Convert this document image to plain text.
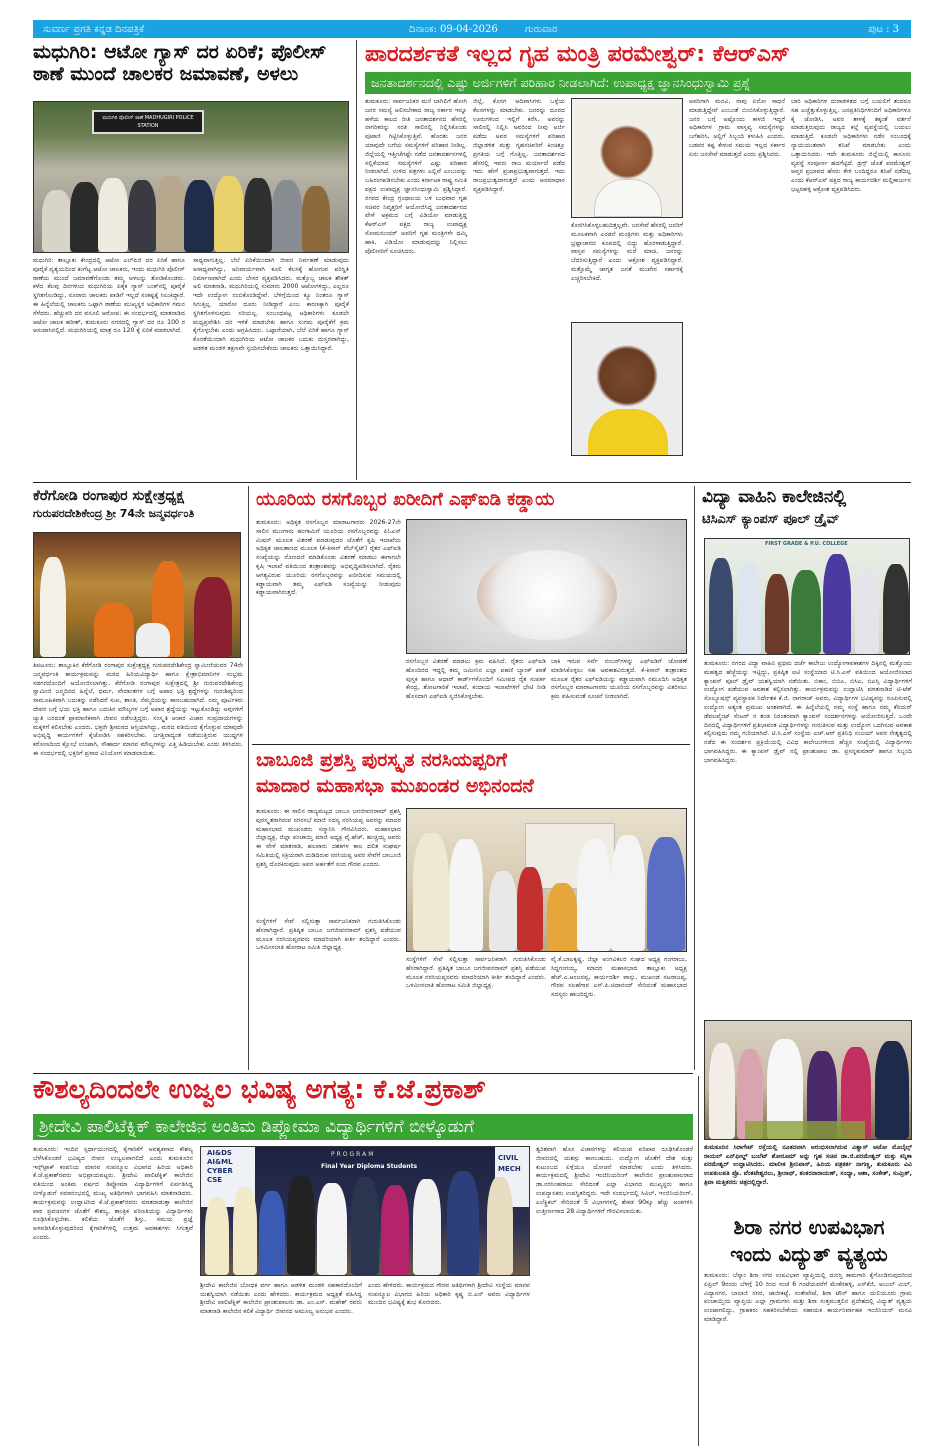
ಸುವರ್ಣ ಪ್ರಗತಿ ಕನ್ನಡ ದಿನಪತ್ರಿಕೆ	ದಿನಾಂಕ: 09-04-2026	ಗುರುವಾರ	ಪುಟ : 3
ಮಧುಗಿರಿ: ಆಟೋ ಗ್ಯಾಸ್ ದರ ಏರಿಕೆ; ಪೊಲೀಸ್ ಠಾಣೆ ಮುಂದೆ ಚಾಲಕರ ಜಮಾವಣೆ, ಅಳಲು
ಮಧುಗಿರಿ ಪೊಲೀಸ್ ಠಾಣೆ MADHUGIRI POLICE STATION
ಮಧುಗಿರಿ: ತಾಲ್ಲೂಕು ಕೇಂದ್ರದಲ್ಲಿ ಆಟೋ ಎಲ್‌ಪಿಜಿ ದರ ಏರಿಕೆ ಹಾಗೂ ಪೂರೈಕೆ ವ್ಯತ್ಯಯದಿಂದ ಕಂಗೆಟ್ಟ ಆಟೋ ಚಾಲಕರು, ಇಂದು ಮಧುಗಿರಿ ಪೊಲೀಸ್ ಠಾಣೆಯ ಮುಂದೆ ಜಮಾವಣೆಗೊಂಡು ತಮ್ಮ ಅಳಲನ್ನು ತೋಡಿಕೊಂಡರು. ಕಳೆದ ಕೆಲವು ದಿನಗಳಿಂದ ಮಧುಗಿರಿಯ ಏಕೈಕ ಗ್ಯಾಸ್ ಬಂಕ್‌ನಲ್ಲಿ ಪೂರೈಕೆ ಸ್ಥಗಿತಗೊಂಡಿದ್ದು, ನೂರಾರು ಚಾಲಕರು ಪಾಡಿಗೆ ಇಲ್ಲದೆ ಸಂಕಷ್ಟಕ್ಕೆ ಸಿಲುಕಿದ್ದಾರೆ. ಈ ಹಿನ್ನೆಲೆಯಲ್ಲಿ ಚಾಲಕರು ಒಟ್ಟಾಗಿ ಠಾಣೆಯ ಮುಖ್ಯಸ್ಥರ ಅಧಿಕಾರಿಗಳ ಗಮನ ಸೆಳೆದರು. ಹೆಚ್ಚುವರಿ ದರ ವಸೂಲಿ ಆರೋಪ: ಈ ಸಂದರ್ಭದಲ್ಲಿ ಮಾತನಾಡಿದ ಆಟೋ ಚಾಲಕ ಹರೀಶ್, ತುಮಕೂರು ನಗರದಲ್ಲಿ ಗ್ಯಾಸ್ ದರ ರೂ 100 ರ ಆಸುಪಾಸಿನಲ್ಲಿದೆ. ಮಧುಗಿರಿಯಲ್ಲಿ ಮಾತ್ರ ರೂ 120 ಕ್ಕೆ ಏರಿಕೆ ಮಾಡಲಾಗಿದೆ.
ಸಾಧ್ಯವಾಗುತ್ತಿಲ್ಲ. ಬೆಲೆ ಏರಿಕೆಯಿಂದಾಗಿ ಜೀವನ ನಿರ್ವಹಣೆ ಮಾಡುವುದು ಅಸಾಧ್ಯವಾಗಿದ್ದು, ಅನಿವಾರ್ಯವಾಗಿ ಕೂಲಿ ಕೆಲಸಕ್ಕೆ ಹೋಗುವ ಪರಿಸ್ಥಿತಿ ನಿರ್ಮಾಣವಾಗಿದೆ ಎಂದು ಬೇಸರ ವ್ಯಕ್ತಪಡಿಸಿದರು. ಮತ್ತೊಬ್ಬ ಚಾಲಕ ಶೌಕತ್ ಅಲಿ ಮಾತನಾಡಿ, ಮಧುಗಿರಿಯಲ್ಲಿ ಸುಮಾರು 2000 ಆಟೋಗಳಿದ್ದು, ಎಲ್ಲರೂ ಇದೇ ಉದ್ಯೋಗ ನಂಬಿಕೊಂಡಿದ್ದೇವೆ. ಬೆಳಿಗ್ಗೆಯಿಂದ ಕ್ಯೂ ನಿಂತರೂ ಗ್ಯಾಸ್ ಸಿಗುತ್ತಿಲ್ಲ. ಯಾರೋ ದೂರು ನೀಡಿದ್ದಾರೆ ಎಂಬ ಕಾರಣಕ್ಕಾಗಿ ಪೂರೈಕೆ ಸ್ಥಗಿತಗೊಳಿಸುವುದು ಸರಿಯಲ್ಲ. ಸಂಬಂಧಪಟ್ಟ ಅಧಿಕಾರಿಗಳು ಕೂಡಲೇ ಮಧ್ಯಪ್ರವೇಶಿಸಿ ದರ ಇಳಿಕೆ ಮಾಡಬೇಕು ಹಾಗೂ ಸುಗಮ ಪೂರೈಕೆಗೆ ಕ್ರಮ ಕೈಗೊಳ್ಳಬೇಕು ಎಂದು ಆಗ್ರಹಿಸಿದರು. ಒಟ್ಟಾರೆಯಾಗಿ, ಬೆಲೆ ಏರಿಕೆ ಹಾಗೂ ಗ್ಯಾಸ್ ಕೊರತೆಯಿಂದಾಗಿ ಮಧುಗಿರಿಯ ಆಟೋ ಚಾಲಕರ ಬದುಕು ದುಸ್ತರವಾಗಿದ್ದು, ಆಡಳಿತ ಮಂಡಳಿ ತಕ್ಷಣವೇ ಸ್ಪಂದಿಸಬೇಕೆಂದು ಚಾಲಕರು ಒತ್ತಾಯಿಸಿದ್ದಾರೆ.
ಪಾರದರ್ಶಕತೆ ಇಲ್ಲದ ಗೃಹ ಮಂತ್ರಿ ಪರಮೇಶ್ವರ್: ಕೆಆರ್‌ಎಸ್
ಜನತಾದರ್ಶನದಲ್ಲಿ ಎಷ್ಟು ಅರ್ಜಿಗಳಿಗೆ ಪರಿಹಾರ ನೀಡಲಾಗಿದೆ: ಉಪಾಧ್ಯಕ್ಷ ಜ್ಞಾನಸಿಂಧುಸ್ವಾಮಿ ಪ್ರಶ್ನೆ
ತುಮಕೂರು: ಸಾರ್ವಜನಿಕರ ಮನೆ ಬಾಗಿಲಿಗೆ ಹೋಗಿ ಜನರ ಸಮಸ್ಯೆ ಆಲಿಸಬೇಕಾದ ರಾಜ್ಯ ಸರ್ಕಾರ ಇನ್ನೂ ಹಳೆಯ ಕಾಲದ ರೀತಿ ಜನತಾದರ್ಶನದ ಹೆಸರಲ್ಲಿ ನಾಗರಿಕರನ್ನು ಸರತಿ ಸಾಲಿನಲ್ಲಿ ನಿಲ್ಲಿಸಿಕೊಂಡು ಪುಟಾಣಿ ಗಿಟ್ಟಿಸಿಕೊಳ್ಳುತ್ತಿವೆ. ಹೊರತು ಜನರ ಯಾವುದೇ ಬಗೆಯ ಸಮಸ್ಯೆಗಳಿಗೆ ಪರಿಹಾರ ನೀಡಿಲ್ಲ. ಜಿಲ್ಲೆಯಲ್ಲಿ ಇತ್ತೀಚೆಗಷ್ಟೇ ನಡೆದ ಜನತಾದರ್ಶನಗಳಲ್ಲಿ ಸಲ್ಲಿಕೆಯಾದ ಸಮಸ್ಯೆಗಳಿಗೆ ಎಷ್ಟು ಪರಿಹಾರ ನೀಡಲಾಗಿದೆ. ಉಳಿದ ಪತ್ರಗಳು ಎಲ್ಲಿವೆ ಎಂಬುದನ್ನು ಬಹಿರಂಗಪಡಿಸಬೇಕು ಎಂದು ಕರ್ನಾಟಕ ರಾಷ್ಟ್ರ ಸಮಿತಿ ಪಕ್ಷದ ಉಪಾಧ್ಯಕ್ಷ ಜ್ಞಾನಸಿಂಧುಸ್ವಾಮಿ ಪ್ರಶ್ನಿಸಿದ್ದಾರೆ. ನಗರದ ಕೇಂದ್ರ ಗ್ರಂಥಾಲಯ ಬಳಿ ಬುಧವಾರ ಗೃಹ ಸಚಿವರ ನಿವೃತ್ತರಿಗೆ ಆಯೋಜಿಸಿದ್ದ ಜನತಾದರ್ಶನದ ವೇಳೆ ಅಕ್ರಮದ ಬಗ್ಗೆ ವಿಡಿಯೋ ಮಾಡುತ್ತಿದ್ದ ಕೆಆರ್‌ಎಸ್ ಪಕ್ಷದ ರಾಜ್ಯ ಉಪಾಧ್ಯಕ್ಷ ಸೋಮಸುಂದರ್ ಅವರಿಗೆ ಗೃಹ ಮಂತ್ರಿಗಳೇ ಧಮ್ಕಿ ಹಾಕಿ, ವಿಡಿಯೋ ಮಾಡುವುದನ್ನು ನಿಲ್ಲಿಸಲು ಪೊಲೀಸರಿಗೆ ಸೂಚಿಸಿದರು.
ಜಿಲ್ಲೆ, ಕೊರಗ ಆದಿವಾಸಿಗಳು ಒಳ್ಳೆಯ ಕೆಲಸಗಳನ್ನು ಮಾಡಬೇಕು. ಜನರನ್ನು ದೂರದ ಊರುಗಳಿಂದ ಇಲ್ಲಿಗೆ ಕರೆಸಿ, ಅವರನ್ನು ಸಾಲಿನಲ್ಲಿ ನಿಲ್ಲಿಸಿ ಅವರಿಂದ ನೀವು ಅರ್ಜಿ ಪಡೆದು ಅವರ ಸಮಸ್ಯೆಗಳಿಗೆ ಪರಿಹಾರ ಜಿಲ್ಲಾಡಳಿತ ಮತ್ತು ಗೃಹಸಚಿವರಿಗೆ ಕಿಂಚಿತ್ತೂ ಪ್ರಗತಿಯ ಬಗ್ಗೆ ಗೊತ್ತಿಲ್ಲ. ಜನತಾದರ್ಶನದ ಹೆಸರಲ್ಲಿ ಇವರು ರಾಜ ಮರ್ಯಾದೆ ಪಡೆದ ಇದು ಹೇಗೆ ಪ್ರಜಾಪ್ರಭುತ್ವವಾಗುತ್ತದೆ. ಇದು ರಾಜಪ್ರಭುತ್ವದಾಗುತ್ತದೆ ಎಂದು ಆಸಮಾಧಾನ ವ್ಯಕ್ತಪಡಿಸಿದ್ದಾರೆ.
ಕೊರಗಿಸಿಕೊಳ್ಳಬಹುದಿತ್ತಲ್ಲವೇ. ಜನಸೇವೆ ಹೆಸರಲ್ಲಿ ಜನರಿಗೆ ಮೂಲಕವಾಗಿ ಎರಡನೆ ಮಂತ್ರಿಗಳು ಮತ್ತು ಅಧಿಕಾರಿಗಳು ಭ್ರಷ್ಟಾಚಾರದ ಕೂಪದಲ್ಲಿ ಬಿದ್ದು ಹೊರಳಾಡುತ್ತಿದ್ದಾರೆ. ವಾಸ್ತವ ಸಮಸ್ಯೆಗಳನ್ನು ಮರೆ ಮಾಚಿ, ಜನರನ್ನು ಬೆದರಿಸುತ್ತಿದ್ದಾರೆ ಎಂದು ಆಕ್ರೋಶ ವ್ಯಕ್ತಪಡಿಸಿದ್ದಾರೆ. ಮತ್ತೊಮ್ಮೆ ಜಾಗೃತ ಜನತೆ ಮುಖೇನ ಸರ್ಕಾರಕ್ಕೆ ಎಚ್ಚರಿಸಬೇಕಿದೆ.
ಅವರಿಗಾಗಿ ಮನವಿ, ನಾವು ಏನೋ ಸಾಧನೆ ಮಾಡುತ್ತಿದ್ದೇವೆ ಎಂಬಂತೆ ಬಿಂಬಿಸಿಕೊಳ್ಳುತ್ತಿದ್ದಾರೆ. ಜನರ ಬಗ್ಗೆ ಅಷ್ಟೊಂದು ಕಾಳಜಿ ಇದ್ದರೆ ಅಧಿಕಾರಿಗಳ ಗ್ರಾಮ ವಾಸ್ತವ್ಯ ಸಮಸ್ಯೆಗಳನ್ನು ಬಗೆಹರಿಸಿ, ಅಲ್ಲಿಗೆ ಸಿಬ್ಬಂದಿ ಕಳುಹಿಸಿ ಎಂದರು. ಬಡವರ ಕಷ್ಟ ಕೇಳುವ ಸಮಯ ಇಲ್ಲದ ಸರ್ಕಾರ ಏನು ಜನಸೇವೆ ಮಾಡುತ್ತದೆ ಎಂದು ಪ್ರಶ್ನಿಸಿದರು.
ಬಾರಿ ಅಧಿಕಾರಿಗಳ ದುರಾಡಳಿತದ ಬಗ್ಗೆ ಬಯಲಿಗೆ ತಂದರೂ ಸಹ ಎಚ್ಚೆತ್ತುಕೊಳ್ಳುತ್ತಿಲ್ಲ. ಜನಪ್ರತಿನಿಧಿಗಳಿಂದಿಗೆ ಅಧಿಕಾರಿಗಳೂ ಕೈ ಜೋಡಿಸಿ, ಅವರ ತಾಳಕ್ಕೆ ತಕ್ಕಂತೆ ವರ್ತನೆ ಮಾಡುತ್ತಿರುವುದು ರಾಜ್ಯದ ಕಲ್ಲೆ ವ್ಯವಸ್ಥೆಯಲ್ಲಿ ಬಯಲು ಮಾಡುತ್ತಿದೆ. ಕೂಡಲೇ ಅಧಿಕಾರಿಗಳು ನಡೆಸ ಸಂಬಂಧಕ್ಕೆ ನ್ಯಾಯಯುತವಾಗಿ ತನಿಖೆ ಮಾಡಬೇಕು ಎಂದು ಒತ್ತಾಯಿಸಿದರು. ಇದೇ ತುಮಕೂರು ಜಿಲ್ಲೆಯಲ್ಲಿ ಕಾನೂನು ವ್ಯವಸ್ಥೆ ಸಂಪೂರ್ಣ ಹದಗೆಟ್ಟಿದೆ. ಡ್ರಗ್ಸ್ ಜೊತೆ ಪರಮೇಶ್ವರ್ ಆಪ್ತರ ಪ್ರಭಾವದ ಹೆಸರು ಕೇಳಿ ಬಂದಿದ್ದರೂ ತನಿಖೆ ನಡೆದಿಲ್ಲ ಎಂದು ಕೆಆರ್‌ಎಸ್ ಪಕ್ಷದ ರಾಜ್ಯ ಕಾರ್ಯದರ್ಶಿ ಮಲ್ಲಿಕಾರ್ಜುನ ಭಟ್ಟರಹಳ್ಳಿ ಆಕ್ರೋಶ ವ್ಯಕ್ತಪಡಿಸಿದರು.
ಕೆರೆಗೋಡಿ ರಂಗಾಪುರ ಸುಕ್ಷೇತ್ರಧ್ಯಕ್ಷ
ಗುರುಪರದೇಶಿಕೇಂದ್ರ ಶ್ರೀ 74ನೇ ಜನ್ಮವರ್ಧಂತಿ
ತಿಪಟೂರು: ತಾಲ್ಲೂಕಿನ ಕೆರೆಗೋಡಿ ರಂಗಾಪುರ ಸುಕ್ಷೇತ್ರಧ್ಯಕ್ಷ ಗುರುಪರದೇಶಿಕೇಂದ್ರ ಸ್ವಾಮೀಜಿಯವರ 74ನೇ ಜನ್ಮವರ್ಧಂತಿ ಕಾರ್ಯಕ್ರಮವನ್ನು ಮಠದ ಹಿರಿಯವಿದ್ಯಾರ್ಥಿ ಹಾಗೂ ಕ್ಷೇತ್ರಾಭಿಮಾನಿಗಳ ಸಂಭ್ರಮ ಸಡಗರದೊಂದಿಗೆ ಆಯೋಜಿಸಲಾಗಿತ್ತು. ಕೆರೆಗೋಡಿ ರಂಗಾಪುರ ಸುಕ್ಷೇತ್ರದಲ್ಲಿ ಶ್ರೀ ಗುರುಪರದೇಶಿಕೇಂದ್ರ ಸ್ವಾಮೀಜಿ ಜನ್ಮದಿನದ ಹಿನ್ನೆಲೆ, ಧರ್ಮ, ವೇದಾಂತಗಳ ಬಗ್ಗೆ ಅಪಾರ ಭಕ್ತಿ ಶ್ರದ್ಧೆಗಳನ್ನು ಗುರುಶಿಷ್ಯರಿಂದ ಸಾಮೂಹಿಕವಾಗಿ ಬದುಕನ್ನು ನಡೆಸಿದರೆ ಸುಖ, ಶಾಂತಿ, ನೆಮ್ಮದಿಯನ್ನು ಕಾಣಬಹುದಾಗಿದೆ. ನಮ್ಮ ಪೂರ್ವಿಕರು ದೇವರ ಬಗ್ಗೆ ಭಯ ಭಕ್ತಿ ಹಾಗೂ ಬದುಕಿನ ಮೌಲ್ಯಗಳ ಬಗ್ಗೆ ಅಪಾರ ಶ್ರದ್ಧೆಯನ್ನು ಇಟ್ಟುಕೊಂಡಿದ್ದು ಅವುಗಳಿಗೆ ಚ್ಯುತಿ ಬರದಂತೆ ಪ್ರಾಮಾಣಿಕವಾಗಿ ಜೀವನ ನಡೆಸುತ್ತಿದ್ದರು. ಸಂಸ್ಕೃತಿ ಆಚಾರ ವಿಚಾರ ಸಂಪ್ರದಾಯಗಳನ್ನು ಮಕ್ಕಳಿಗೆ ಕಲಿಸಬೇಕು ಎಂದರು. ಭಕ್ತರೇ ಶ್ರೀಮಠದ ಆಸ್ತಿಯಾಗಿದ್ದು, ಮಠದ ವತಿಯಿಂದ ಕೈಗೊಳ್ಳುವ ಯಾವುದೇ ಅಭಿವೃದ್ಧಿ ಕಾರ್ಯಗಳಿಗೆ ಕೈಜೋಡಿಸಿ ಸಹಕರಿಸಬೇಕು. ಜಗತ್ತಿನಾದ್ಯಂತ ನಡೆಯುತ್ತಿರುವ ಯುದ್ಧಗಳ ಕರೋಣದಿಂದ ಕ್ಷೋಭೆ ಉಂಟಾಗಿ, ಸೌಹಾರ್ದ ಮಾನವ ಮೌಲ್ಯಗಳನ್ನು ಎತ್ತಿ ಹಿಡಿಯಬೇಕು ಎಂದು ತಿಳಿಸಿದರು. ಈ ಸಂದರ್ಭದಲ್ಲಿ ಭಕ್ತರಿಗೆ ಪ್ರಸಾದ ವಿನಿಯೋಗ ಮಾಡಲಾಯಿತು.
ಯೂರಿಯ ರಸಗೊಬ್ಬರ ಖರೀದಿಗೆ ಎಫ್‌ಐಡಿ ಕಡ್ಡಾಯ
ತುಮಕೂರು: ಅಧಿಕೃತ ರಸಗೊಬ್ಬರ ಮಾರಾಟಗಾರರು 2026-27ನೇ ಸಾಲಿನ ಮುಂಗಾರು ಹಂಗಾಮಿಗೆ ಯೂರಿಯ ರಸಗೊಬ್ಬರವನ್ನು ಪಿಓಎಸ್ ಮಿಷನ್ ಮೂಲಕ ವಿತರಣೆ ಮಾಡುವುದರ ಜೊತೆಗೆ ಕೃಷಿ ಇಲಾಖೆಯ ಅಧಿಕೃತ ಜಾಲತಾಣದ ಮೂಲಕ (ಕೆ-ಕಿಸಾನ್ ವೆಬ್‌ಸೈಟ್) ರೈತರ ಎಫ್‌ಐಡಿ ಸಂಖ್ಯೆಯನ್ನು ನೋಂದಣಿ ಮಾಡಿಕೊಂಡು ವಿತರಣೆ ಮಾಡಲು ಈಗಾಗಲೇ ಕೃಷಿ ಇಲಾಖೆ ವತಿಯಿಂದ ತಂತ್ರಾಂಶವನ್ನು ಅಭಿವೃದ್ಧಿಪಡಿಸಲಾಗಿದೆ. ರೈತರು ಆಗತ್ಯವಿರುವ ಯೂರಿಯ ರಸಗೊಬ್ಬರವನ್ನು ಖರೀದಿಸುವ ಸಮಯದಲ್ಲಿ ಕಡ್ಡಾಯವಾಗಿ ತಮ್ಮ ಎಫ್‌ಐಡಿ ಸಂಖ್ಯೆಯನ್ನು ನೀಡುವುದು ಕಡ್ಡಾಯವಾಗಿರುತ್ತದೆ.
ರಸಗೊಬ್ಬರ ವಿತರಣೆ ಮಾಡಲು ಕ್ರಮ ವಹಿಸಿದೆ. ರೈತರು ಎಫ್‌ಐಡಿ ಹೊಂದಿರದ ಇದ್ದಲ್ಲಿ ತಮ್ಮ ಜಮೀನಿನ ಎಲ್ಲಾ ಪಹಣಿ ಬ್ಯಾಂಕ್ ಖಾತೆ ಪುಸ್ತಕ ಹಾಗೂ ಆಧಾರ್ ಕಾರ್ಡ್‌ಗಳೊಂದಿಗೆ ಸಮೀಪದ ರೈತ ಸಂಪರ್ಕ ಕೇಂದ್ರ, ತೋಟಗಾರಿಕೆ ಇಲಾಖೆ, ಕಂದಾಯ ಇಲಾಖೆಗಳಿಗೆ ಭೇಟಿ ನೀಡಿ ಹೊಸದಾಗಿ ಎಫ್‌ಐಡಿ ಸೃಜಿಸಿಕೊಳ್ಳಬೇಕು.
ಬಾಕಿ ಇರುವ ಸರ್ವೆ ನಂಬರ್‌ಗಳನ್ನು ಎಫ್‌ಐಡಿಗೆ ಜೋಡಣೆ ಮಾಡಿಸಿಕೊಳ್ಳಲು ಸಹ ಅವಕಾಶವಿರುತ್ತದೆ. ಕೆ-ಕಿಸಾನ್ ತಂತ್ರಾಂಶದ ಮೂಲಕ ರೈತರ ಎಫ್‌ಐಡಿಯನ್ನು ಕಡ್ಡಾಯವಾಗಿ ನಮೂದಿಸಿ ಅಧಿಕೃತ ರಸಗೊಬ್ಬರ ಮಾರಾಟಗಾರರು ಯೂರಿಯ ರಸಗೊಬ್ಬರವನ್ನು ವಿತರಿಸಲು ಕ್ರಮ ವಹಿಸುವಂತೆ ಸೂಚನೆ ನೀಡಲಾಗಿದೆ.
ವಿದ್ಯಾ ವಾಹಿನಿ ಕಾಲೇಜಿನಲ್ಲಿ
ಟಿಸಿಎಸ್ ಕ್ಯಾಂಪಸ್ ಪೂಲ್ ಡ್ರೈವ್
FIRST GRADE & P.U. COLLEGE
ತುಮಕೂರು: ನಗರದ ವಿದ್ಯಾ ವಾಹಿನಿ ಪ್ರಥಮ ದರ್ಜೆ ಕಾಲೇಜು ಉದ್ಯೋಗಾವಕಾಶಗಳ ದಿಕ್ಕಿನಲ್ಲಿ ಮತ್ತೊಂದು ಮಹತ್ವದ ಹೆಜ್ಜೆಯನ್ನು ಇಟ್ಟಿದ್ದು, ಪ್ರತಿಷ್ಠಿತ ಐಟಿ ಸಂಸ್ಥೆಯಾದ ಟಿ.ಸಿ.ಎಸ್ ವತಿಯಿಂದ ಆಯೋಜಿಸಲಾದ ಕ್ಯಾಂಪಸ್ ಪೂಲ್ ಡ್ರೈವ್ ಯಶಸ್ವಿಯಾಗಿ ನಡೆಯಿತು. ಬಿಕಾಂ, ಬಿಬಿಎ, ಬಿಸಿಎ, ಬಿಎಸ್ಸಿ ವಿದ್ಯಾರ್ಥಿಗಳಿಗೆ ಉದ್ಯೋಗ ಪಡೆಯುವ ಅವಕಾಶ ಕಲ್ಪಿಸಲಾಗಿತ್ತು. ಕಾರ್ಯಕ್ರಮವನ್ನು ಉದ್ಘಾಟಿಸಿ ಮಾತನಾಡಿದ ಟಿ-ಟೆಕ್ ಸೊಲ್ಯೂಷನ್ಸ್ ವ್ಯವಸ್ಥಾಪಕ ನಿರ್ದೇಶಕ ಕೆ.ಜಿ. ನಾಗರಾಜ್ ಅವರು, ವಿದ್ಯಾರ್ಥಿಗಳ ಭವಿಷ್ಯವನ್ನು ರೂಪಿಸುವಲ್ಲಿ ಉದ್ಯೋಗ ಅತ್ಯಂತ ಪ್ರಮುಖ ಅಂಶವಾಗಿದೆ. ಈ ಹಿನ್ನೆಲೆಯಲ್ಲಿ ನಮ್ಮ ಸಂಸ್ಥೆ ಹಾಗೂ ನಮ್ಮ ಕೆರಿಯರ್ ಡೆವಲಪ್ಮೆಂಟ್ ಸೆಂಟರ್ ನ ತಂಡ ನಿರಂತರವಾಗಿ ಕ್ಯಾಂಪಸ್ ಸಂದರ್ಶನಗಳನ್ನು ಆಯೋಜಿಸುತ್ತಿದೆ. ಒಂದೇ ದಿನದಲ್ಲಿ ವಿದ್ಯಾರ್ಥಿಗಳಿಗೆ ಪ್ರತಿಭಾವಂತ ವಿದ್ಯಾರ್ಥಿಗಳನ್ನು ಗುರುತಿಸುವ ಮತ್ತು ಉದ್ಯೋಗ ಒದಗಿಸುವ ಅವಕಾಶ ಕಲ್ಪಿಸುವುದು ನಮ್ಮ ಗುರಿಯಾಗಿದೆ. ಟಿ.ಸಿ.ಎಸ್ ಸಂಸ್ಥೆಯ ಎಚ್.ಆರ್ ಪ್ರತಿನಿಧಿ ಸಂಜಯ್ ಅವರ ನೇತೃತ್ವದಲ್ಲಿ ನಡೆದ ಈ ಸಂದರ್ಶನ ಪ್ರಕ್ರಿಯೆಯಲ್ಲಿ ವಿವಿಧ ಕಾಲೇಜುಗಳಿಂದ ಹೆಚ್ಚಿನ ಸಂಖ್ಯೆಯಲ್ಲಿ ವಿದ್ಯಾರ್ಥಿಗಳು ಭಾಗವಹಿಸಿದ್ದರು. ಈ ಕ್ಯಾಂಪಸ್ ಡ್ರೈವ್ ನಲ್ಲಿ ಪ್ರಾಂಶುಪಾಲ ಡಾ. ಪ್ರಸನ್ನಕುಮಾರ್ ಹಾಗೂ ಸಿಬ್ಬಂದಿ ಭಾಗವಹಿಸಿದ್ದರು.
ಬಾಬೂಜಿ ಪ್ರಶಸ್ತಿ ಪುರಸ್ಕೃತ ನರಸಿಯಪ್ಪರಿಗೆ
ಮಾದಾರ ಮಹಾಸಭಾ ಮುಖಂಡರ ಅಭಿನಂದನೆ
ತುಮಕೂರು: ಈ ಸಾಲಿನ ರಾಜ್ಯಮಟ್ಟದ ಬಾಬೂ ಜಗಜೀವನರಾಮ್ ಪ್ರಶಸ್ತಿ ಪುರಸ್ಕೃತರಾಗಿರುವ ನಗರಸಭೆ ಮಾಜಿ ಸದಸ್ಯ ನರಸಿಯಪ್ಪ ಅವರನ್ನು ಮಾದರ ಮಹಾಸಭಾದ ಮುಖಂಡರು ಸನ್ಮಾನಿಸಿ ಗೌರವಿಸಿದರು. ಮಹಾಸಭಾದ ಜಿಲ್ಲಾಧ್ಯಕ್ಷ, ಜಿಲ್ಲಾ ಪಂಚಾಯ್ತಿ ಮಾಜಿ ಅಧ್ಯಕ್ಷ ವೈ.ಹೆಚ್. ಹುಚ್ಚಯ್ಯ ಅವರು ಈ ವೇಳೆ ಮಾತನಾಡಿ, ಹಲವಾರು ದಶಕಗಳ ಕಾಲ ದಲಿತ ಸಂಘರ್ಷ ಸಮಿತಿಯಲ್ಲಿ ಸಕ್ರಿಯರಾಗಿ ದುಡಿದಿರುವ ನರಸಿಯಪ್ಪ ಅವರ ಸೇವೆಗೆ ಬಾಬೂಜಿ ಪ್ರಶಸ್ತಿ ದೊರಕಿರುವುದು ಅವರ ಅರ್ಹತೆಗೆ ಸಂದ ಗೌರವ ಎಂದರು.
ಸಂಸ್ಥೆಗಳಿಗೆ ಸೇವೆ ಸಲ್ಲಿಸುತ್ತಾ ಸಾರ್ವಜನಿಕರಾಗಿ ಗುರುತಿಸಿಕೊಂಡು ಹೆಸರಾಗಿದ್ದಾರೆ. ಪ್ರತಿಷ್ಠಿತ ಬಾಬೂ ಜಗಜೀವನರಾಮ್ ಪ್ರಶಸ್ತಿ ಪಡೆಯುವ ಮೂಲಕ ನರಸಿಯಪ್ಪನವರು ಮಾದರಿಯಾಗಿ ಕೀರ್ತಿ ತಂದಿದ್ದಾರೆ ಎಂದರು. ಒಳಮೀಸಲಾತಿ ಹೋರಾಟ ಸಮಿತಿ ಜಿಲ್ಲಾಧ್ಯಕ್ಷ.
ಸಂಸ್ಥೆಗಳಿಗೆ ಸೇವೆ ಸಲ್ಲಿಸುತ್ತಾ ಸಾರ್ವಜನಿಕರಾಗಿ ಗುರುತಿಸಿಕೊಂಡು ಹೆಸರಾಗಿದ್ದಾರೆ. ಪ್ರತಿಷ್ಠಿತ ಬಾಬೂ ಜಗಜೀವನರಾಮ್ ಪ್ರಶಸ್ತಿ ಪಡೆಯುವ ಮೂಲಕ ನರಸಿಯಪ್ಪನವರು ಮಾದರಿಯಾಗಿ ಕೀರ್ತಿ ತಂದಿದ್ದಾರೆ ಎಂದರು. ಒಳಮೀಸಲಾತಿ ಹೋರಾಟ ಸಮಿತಿ ಜಿಲ್ಲಾಧ್ಯಕ್ಷ.
ವೈ.ಕೆ.ಬಾಲಕೃಷ್ಣ, ಜಿಲ್ಲಾ ಅಂಗವಿಕಲರ ಸಂಘದ ಅಧ್ಯಕ್ಷ ಗಂಗರಾಜು, ಸಿದ್ದಗಂಗಯ್ಯ, ಮಾದರ ಮಹಾಸಭಾದ ತಾಲ್ಲೂಕು ಅಧ್ಯಕ್ಷ ಹೆಚ್.ಎ.ಆಂಜನಪ್ಪ, ಕಾರ್ಯದರ್ಶಿ ವಾಸ್ಸು, ಮುಖಂಡ ನಟರಾಜಪ್ಪ, ಗೌರವ ಸಲಹೆಗಾರ ಎಸ್.ಪಿ.ಚಿದಾನಂದ್ ಸೇರಿದಂತೆ ಮಹಾಸಭಾದ ಸದಸ್ಯರು ಹಾಜರಿದ್ದರು.
ಕೌಶಲ್ಯದಿಂದಲೇ ಉಜ್ವಲ ಭವಿಷ್ಯ ಅಗತ್ಯ: ಕೆ.ಜೆ.ಪ್ರಕಾಶ್
ಶ್ರೀದೇವಿ ಪಾಲಿಟೆಕ್ನಿಕ್ ಕಾಲೇಜಿನ ಅಂತಿಮ ಡಿಪ್ಲೋಮಾ ವಿದ್ಯಾರ್ಥಿಗಳಿಗೆ ಬೀಳ್ಕೊಡುಗೆ
ತುಮಕೂರು: ಇಂದಿನ ಸ್ಪರ್ಧಾಯುಗದಲ್ಲಿ ಕೈಗಾರಿಕೆಗೆ ಅವಶ್ಯಕವಾದ ಕೌಶಲ್ಯ ಬೆಳೆಸಿಕೊಂಡರೆ ಭವಿಷ್ಯದ ಜೀವನ ಉಜ್ವಲವಾಗಲಿದೆ ಎಂದು ತುಮಕೂರಿನ ಇನ್ಸ್‌ಟ್ರಾಕ್ ಕಂಪನಿಯ ಮಾನವ ಸಂಪನ್ಮೂಲ ವಿಭಾಗದ ಹಿರಿಯ ಅಧಿಕಾರಿ ಕೆ.ಜೆ.ಪ್ರಕಾಶ್‌ರವರು ಅಭಿಪ್ರಾಯಪಟ್ಟರು. ಶ್ರೀದೇವಿ ಪಾಲಿಟೆಕ್ನಿಕ್ ಕಾಲೇಜಿನ ವತಿಯಿಂದ ಅಂತಿಮ ವರ್ಷದ ಡಿಪ್ಲೋಮಾ ವಿದ್ಯಾರ್ಥಿಗಳಿಗೆ ಏರ್ಪಡಿಸಿದ್ದ ಬೀಳ್ಕೊಡುಗೆ ಸಮಾರಂಭದಲ್ಲಿ ಮುಖ್ಯ ಅತಿಥಿಗಳಾಗಿ ಭಾಗವಹಿಸಿ ಮಾತನಾಡಿದರು. ಕಾರ್ಯಕ್ರಮವನ್ನು ಉದ್ಘಾಟಿಸಿದ ಕೆ.ಜೆ.ಪ್ರಕಾಶ್‌ರವರು ಮಾತನಾಡುತ್ತಾ ಕಾಲೇಜಿನ ಪಾಠ ಪ್ರವಚನಗಳ ಜೊತೆಗೆ ಕೌಶಲ್ಯ, ತಾಂತ್ರಿಕ ಪರಿಣತಿಯನ್ನು ವಿದ್ಯಾರ್ಥಿಗಳು ರೂಢಿಸಿಕೊಳ್ಳಬೇಕು. ಕಲಿಕೆಯ ಜೊತೆಗೆ ಶಿಸ್ತು, ಸಮಯ ಪ್ರಜ್ಞೆ ಅಳವಡಿಸಿಕೊಳ್ಳುವುದರಿಂದ ಕೈಗಾರಿಕೆಗಳಲ್ಲಿ ಉತ್ತಮ ಅವಕಾಶಗಳು ಸಿಗುತ್ತವೆ ಎಂದರು.
AI&DS
AI&ML
CYBER
CSE
CIVIL
MECH
PROGRAM
Final Year Diploma Students
ಶ್ರೀದೇವಿ ಕಾಲೇಜಿನ ಬೋಧಕ ವರ್ಗ ಹಾಗೂ ಆಡಳಿತ ಮಂಡಳಿ ಸಹಕಾರದೊಂದಿಗೆ ಯಶಸ್ವಿಯಾಗಿ ನಡೆಯಿತು ಎಂದು ಹೇಳಿದರು. ಕಾರ್ಯಕ್ರಮದ ಅಧ್ಯಕ್ಷತೆ ವಹಿಸಿದ್ದ ಶ್ರೀದೇವಿ ಪಾಲಿಟೆಕ್ನಿಕ್ ಕಾಲೇಜಿನ ಪ್ರಾಂಶುಪಾಲರು ಡಾ. ಎಂ.ಎಸ್. ಮಹೇಶ್ ರವರು ಮಾತನಾಡಿ ಕಾಲೇಜಿನ ಕಲಿಕೆ ವಿದ್ಯಾರ್ಥಿ ಜೀವನದ ಅಮೂಲ್ಯ ಅನುಭವ ಎಂದರು.
ಎಂದು ಹೇಳಿದರು. ಕಾರ್ಯಕ್ರಮದ ಗೌರವ ಅತಿಥಿಗಳಾಗಿ ಶ್ರೀದೇವಿ ಸಂಸ್ಥೆಯ ಮಾನವ ಸಂಪನ್ಮೂಲ ವಿಭಾಗದ ಹಿರಿಯ ಅಧಿಕಾರಿ ಕೃಷ್ಣ ಬಿ.ಎನ್ ಅವರು ವಿದ್ಯಾರ್ಥಿಗಳ ಮುಂದಿನ ಭವಿಷ್ಯಕ್ಕೆ ಶುಭ ಕೋರಿದರು.
ತ್ವರಿತವಾಗಿ ಹೊಸ ವಿಚಾರಗಳನ್ನು ಕಲಿಯುವ ಪರಿಪಾಠ ರೂಢಿಸಿಕೊಂಡರೆ ಜೀವನದಲ್ಲಿ ಯಶಸ್ಸು ಕಾಣಬಹುದು. ಉದ್ಯೋಗ ಜೊತೆಗೆ ದೇಶ ಮತ್ತು ಕುಟುಂಬದ ಏಳ್ಗೆಯೂ ಯೋಚನೆ ಮಾಡಬೇಕು ಎಂದು ತಿಳಿಸಿದರು. ಕಾರ್ಯಕ್ರಮದಲ್ಲಿ ಶ್ರೀದೇವಿ ಇಂಜಿನಿಯರಿಂಗ್ ಕಾಲೇಜಿನ ಪ್ರಾಂಶುಪಾಲರಾದ ಡಾ.ನರಸಿಂಹರಾಜು ಸೇರಿದಂತೆ ಎಲ್ಲಾ ವಿಭಾಗದ ಮುಖ್ಯಸ್ಥರು ಹಾಗೂ ಉಪನ್ಯಾಸಕರು ಉಪಸ್ಥಿತರಿದ್ದರು. ಇದೇ ಸಂದರ್ಭದಲ್ಲಿ ಸಿವಿಲ್, ಇಂಜಿನಿಯರಿಂಗ್, ಎಲೆಕ್ಟ್ರಿಕಲ್ ಸೇರಿದಂತೆ 5 ವಿಭಾಗಗಳಲ್ಲಿ ಶೇಕಡ 90ಕ್ಕೂ ಹೆಚ್ಚು ಅಂಕಗಳಿಸಿ ಉತ್ತೀರ್ಣರಾದ 28 ವಿದ್ಯಾರ್ಥಿಗಳಿಗೆ ಗೌರವಿಸಲಾಯಿತು.
ತುಮಕೂರಿನ ಸಿರಾಗೇಟ್ ರಸ್ತೆಯಲ್ಲಿ ನೂತನವಾಗಿ ಆರಂಭಿಸಲಾಗಿರುವ ವಿಶ್ವಾಸ್ ಆಟೋ ಮೊಬೈಲ್ಸ್ ರಾಯಲ್ ಎನ್‌ಫೀಲ್ಡ್ ಬುಲೆಟ್ ಶೋರೂಮ್ ಅನ್ನು ಗೃಹ ಸಚಿವ ಡಾ.ಜಿ.ಪರಮೇಶ್ವರ್ ಮತ್ತು ಕನ್ನಿಕಾ ಪರಮೇಶ್ವರ್ ಉದ್ಘಾಟಿಸಿದರು. ಮಾಲೀಕ ಶ್ರೀನಿವಾಸ್, ಹಿರಿಯ ಪತ್ರಕರ್ತ ನಾಗಣ್ಣ, ತುಮಕೂರು ವಿವಿ ಉಪಕುಲಪತಿ ಪ್ರೊ. ವೆಂಕಟೇಶ್ವರಲು, ಶ್ರೀನಾಥ್, ಶಂಕರನಾರಾಯಣ್, ಸಂಧ್ಯಾ, ಆಶಾ, ಸಂಕೇತ್, ಸುಮ್ರಿತ್, ತ್ರಿವಾ ಮತ್ತಿತರರು ಚಿತ್ರದಲ್ಲಿದ್ದಾರೆ.
ಶಿರಾ ನಗರ ಉಪವಿಭಾಗ
ಇಂದು ವಿದ್ಯುತ್ ವ್ಯತ್ಯಯ
ತುಮಕೂರು: ಬೆಸ್ಕಾಂ ಶಿರಾ ನಗರ ಉಪವಿಭಾಗ ವ್ಯಾಪ್ತಿಯಲ್ಲಿ ದುರಸ್ತಿ ಕಾಮಗಾರಿ ಕೈಗೊಂಡಿರುವುದರಿಂದ ಏಪ್ರಿಲ್ 9ರಂದು ಬೆಳಿಗ್ಗೆ 10 ರಿಂದ ಸಂಜೆ 6 ಗಂಟೆಯವರೆಗೆ ಮೇಕೆರಹಳ್ಳಿ, ಎಸ್‌ಕೆಜಿ, ಅಬುಲ್ ಮಿಲ್, ವಿದ್ಯಾನಗರ, ಬಾಲಾಜಿ ನಗರ, ಜಾಜೀಕಟ್ಟೆ, ಸಂತೇಪೇಟೆ, ಶಿರಾ ಟೌನ್ ಹಾಗೂ ಯಲಿಯೂರು ಗ್ರಾಮ ಪಂಚಾಯ್ತಿಯ ವ್ಯಾಪ್ತಿಯ ಎಲ್ಲಾ ಗ್ರಾಮಗಳು ಮತ್ತು ಶಿರಾ ಸುತ್ತಮುತ್ತಲಿನ ಪ್ರದೇಶದಲ್ಲಿ ವಿದ್ಯುತ್ ವ್ಯತ್ಯಯ ಉಂಟಾಗಲಿದ್ದು, ಗ್ರಾಹಕರು ಸಹಕರಿಸಬೇಕೆಂದು ಸಹಾಯಕ ಕಾರ್ಯನಿರ್ವಾಹಕ ಇಂಜಿನಿಯರ್ ಮನವಿ ಮಾಡಿದ್ದಾರೆ.
